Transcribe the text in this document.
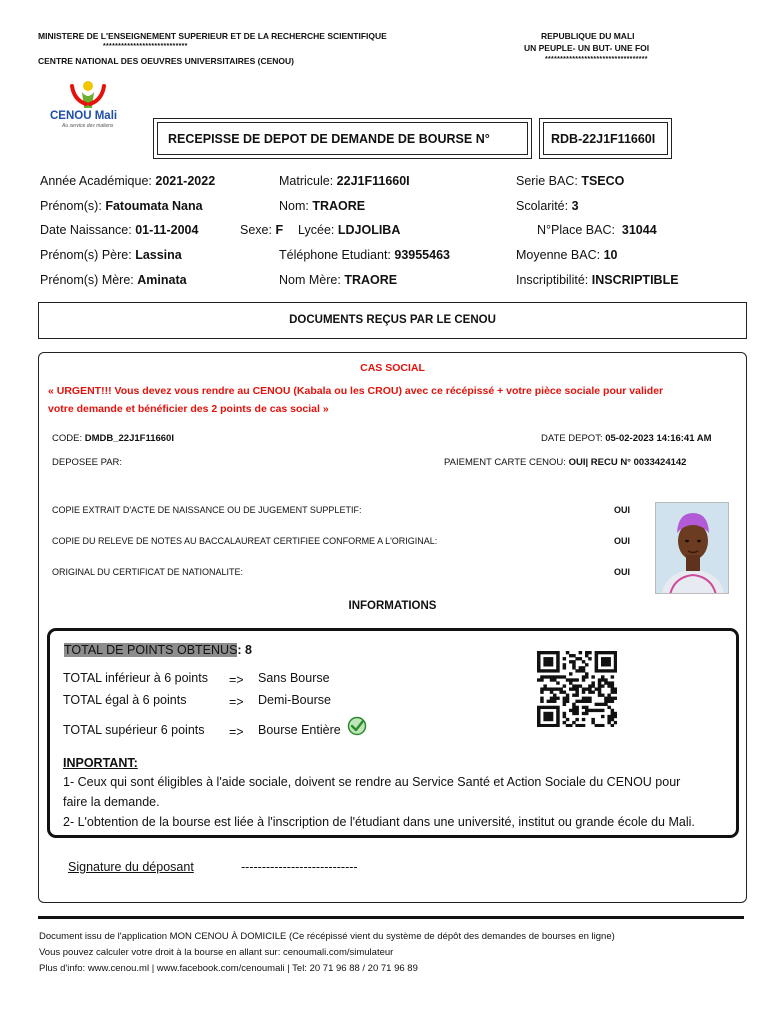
MINISTERE DE L'ENSEIGNEMENT SUPERIEUR ET DE LA RECHERCHE SCIENTIFIQUE
****************************
CENTRE NATIONAL DES OEUVRES UNIVERSITAIRES (CENOU)
REPUBLIQUE DU MALI
UN PEUPLE- UN BUT- UNE FOI
**********************************
CENOU Mali
Au service des maliens
RECEPISSE DE DEPOT DE DEMANDE DE BOURSE N°	RDB-22J1F11660I
Année Académique: 2021-2022	Matricule: 22J1F11660I	Serie BAC: TSECO
Prénom(s): Fatoumata Nana	Nom: TRAORE	Scolarité: 3
Date Naissance: 01-11-2004	Sexe: F Lycée: LDJOLIBA	N°Place BAC: 31044
Prénom(s) Père: Lassina	Téléphone Etudiant: 93955463	Moyenne BAC: 10
Prénom(s) Mère: Aminata	Nom Mère: TRAORE	Inscriptibilité: INSCRIPTIBLE
DOCUMENTS REÇUS PAR LE CENOU
CAS SOCIAL
« URGENT!!! Vous devez vous rendre au CENOU (Kabala ou les CROU) avec ce récépissé + votre pièce sociale pour valider
votre demande et bénéficier des 2 points de cas social »
CODE: DMDB_22J1F11660I	DATE DEPOT: 05-02-2023 14:16:41 AM
DEPOSEE PAR:	PAIEMENT CARTE CENOU: OUI| RECU N° 0033424142
COPIE EXTRAIT D'ACTE DE NAISSANCE OU DE JUGEMENT SUPPLETIF:	OUI
COPIE DU RELEVE DE NOTES AU BACCALAUREAT CERTIFIEE CONFORME A L'ORIGINAL:	OUI
ORIGINAL DU CERTIFICAT DE NATIONALITE:	OUI
INFORMATIONS
TOTAL DE POINTS OBTENUS: 8
TOTAL inférieur à 6 points => Sans Bourse
TOTAL égal à 6 points	=> Demi-Bourse
TOTAL supérieur 6 points => Bourse Entière
INPORTANT:
1- Ceux qui sont éligibles à l'aide sociale, doivent se rendre au Service Santé et Action Sociale du CENOU pour
faire la demande.
2- L'obtention de la bourse est liée à l'inscription de l'étudiant dans une université, institut ou grande école du Mali.
Signature du déposant	----------------------------
Document issu de l'application MON CENOU À DOMICILE (Ce récépissé vient du système de dépôt des demandes de bourses en ligne)
Vous pouvez calculer votre droit à la bourse en allant sur: cenoumali.com/simulateur
Plus d'info: www.cenou.ml | www.facebook.com/cenoumali | Tel: 20 71 96 88 / 20 71 96 89
